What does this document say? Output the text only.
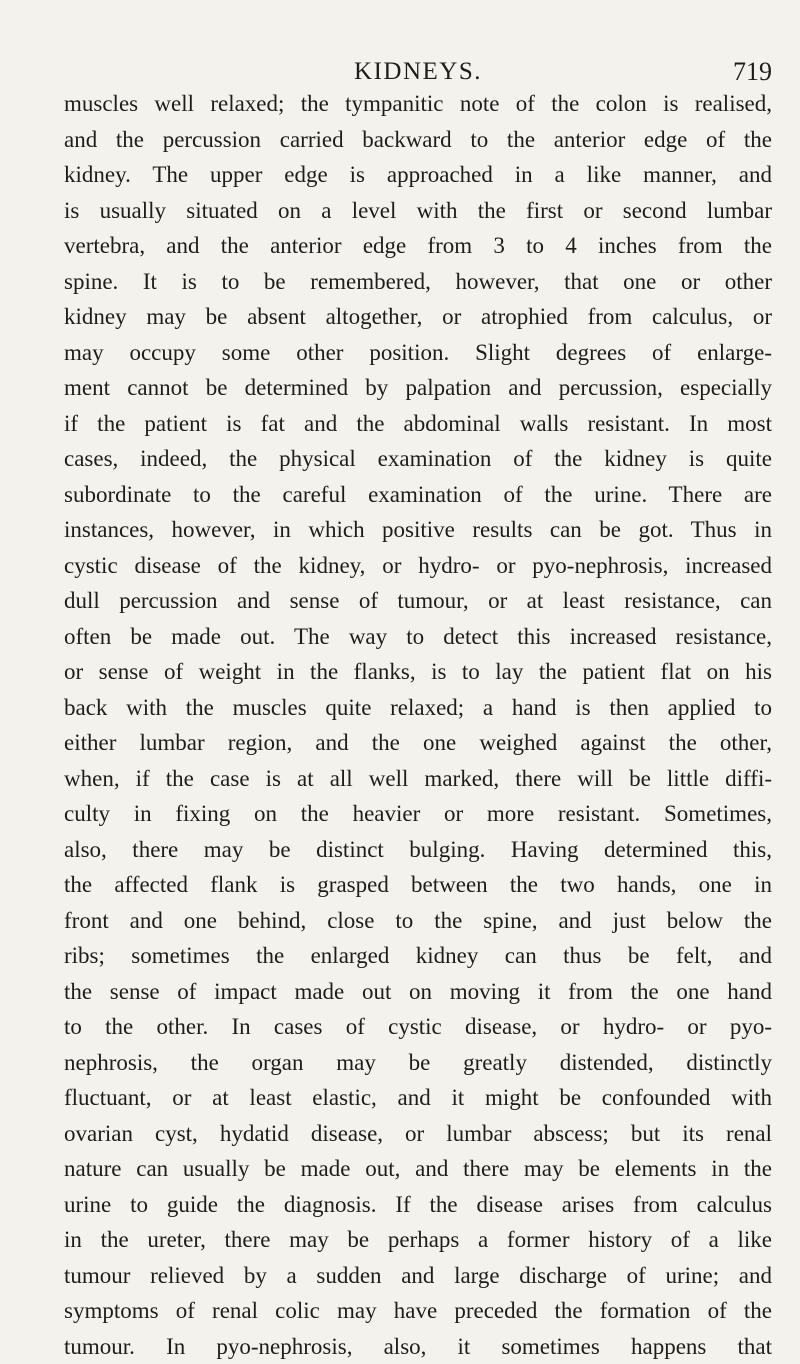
KIDNEYS.	719
muscles well relaxed; the tympanitic note of the colon is realised,
and the percussion carried backward to the anterior edge of the
kidney. The upper edge is approached in a like manner, and
is usually situated on a level with the first or second lumbar
vertebra, and the anterior edge from 3 to 4 inches from the
spine. It is to be remembered, however, that one or other
kidney may be absent altogether, or atrophied from calculus, or
may occupy some other position. Slight degrees of enlarge-
ment cannot be determined by palpation and percussion, especially
if the patient is fat and the abdominal walls resistant. In most
cases, indeed, the physical examination of the kidney is quite
subordinate to the careful examination of the urine. There are
instances, however, in which positive results can be got. Thus in
cystic disease of the kidney, or hydro- or pyo-nephrosis, increased
dull percussion and sense of tumour, or at least resistance, can
often be made out. The way to detect this increased resistance,
or sense of weight in the flanks, is to lay the patient flat on his
back with the muscles quite relaxed; a hand is then applied to
either lumbar region, and the one weighed against the other,
when, if the case is at all well marked, there will be little diffi-
culty in fixing on the heavier or more resistant. Sometimes,
also, there may be distinct bulging. Having determined this,
the affected flank is grasped between the two hands, one in
front and one behind, close to the spine, and just below the
ribs; sometimes the enlarged kidney can thus be felt, and
the sense of impact made out on moving it from the one hand
to the other. In cases of cystic disease, or hydro- or pyo-
nephrosis, the organ may be greatly distended, distinctly
fluctuant, or at least elastic, and it might be confounded with
ovarian cyst, hydatid disease, or lumbar abscess; but its renal
nature can usually be made out, and there may be elements in the
urine to guide the diagnosis. If the disease arises from calculus
in the ureter, there may be perhaps a former history of a like
tumour relieved by a sudden and large discharge of urine; and
symptoms of renal colic may have preceded the formation of the
tumour. In pyo-nephrosis, also, it sometimes happens that
